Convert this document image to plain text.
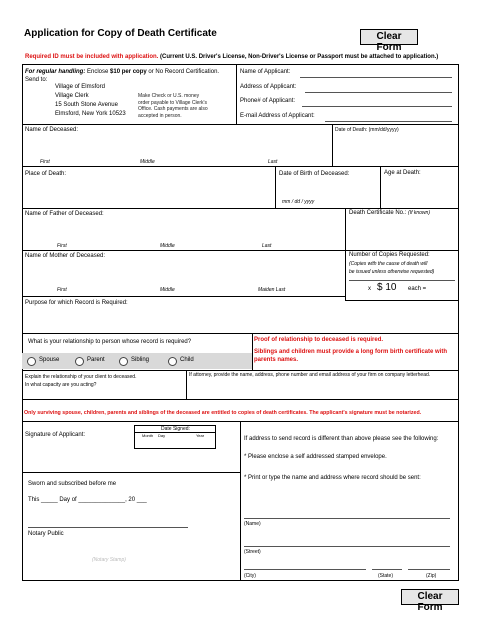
Application for Copy of Death Certificate	Clear Form
Required ID must be included with application. (Current U.S. Driver's License, Non-Driver's License or Passport must be attached to application.)
For regular handling: Enclose $10 per copy or No Record Certification.
Send to:
Village of Elmsford
Village Clerk
15 South Stone Avenue
Elmsford, New York 10523
Make Check or U.S. money
order payable to Village Clerk's
Office. Cash payments are also
accepted in person.
Name of Applicant:
Address of Applicant:
Phone# of Applicant:
E-mail Address of Applicant:
Name of Deceased:	Date of Death: (mm/dd/yyyy)
First	Middle	Last
Place of Death:	Date of Birth of Deceased:
mm / dd / yyyy
Age at Death:
Name of Father of Deceased:	Death Certificate No.: (If known)
First	Middle	Last
Name of Mother of Deceased:
First	Middle	Maiden Last
Number of Copies Requested:
(Copies with the cause of death will
be issued unless otherwise requested)
x $ 10 each =
Purpose for which Record is Required:
What is your relationship to person whose record is required?	Proof of relationship to deceased is required.
Siblings and children must provide a long form birth certificate with parents names.
Spouse	Parent	Sibling	Child
Explain the relationship of your client to deceased.
In what capacity are you acting?
If attorney, provide the name, address, phone number and email address of your firm on company letterhead.
Only surviving spouse, children, parents and siblings of the deceased are entitled to copies of death certificates. The applicant's signature must be notarized.
Signature of Applicant:
Date Signed:
Month Day	Year
Sworn and subscribed before me
This _____ Day of ______________, 20 ___
Notary Public
(Notary Stamp)
If address to send record is different than above please see the following:
* Please enclose a self addressed stamped envelope.
* Print or type the name and address where record should be sent:
(Name)
(Street)
(City)	(State)	(Zip)
Clear Form
